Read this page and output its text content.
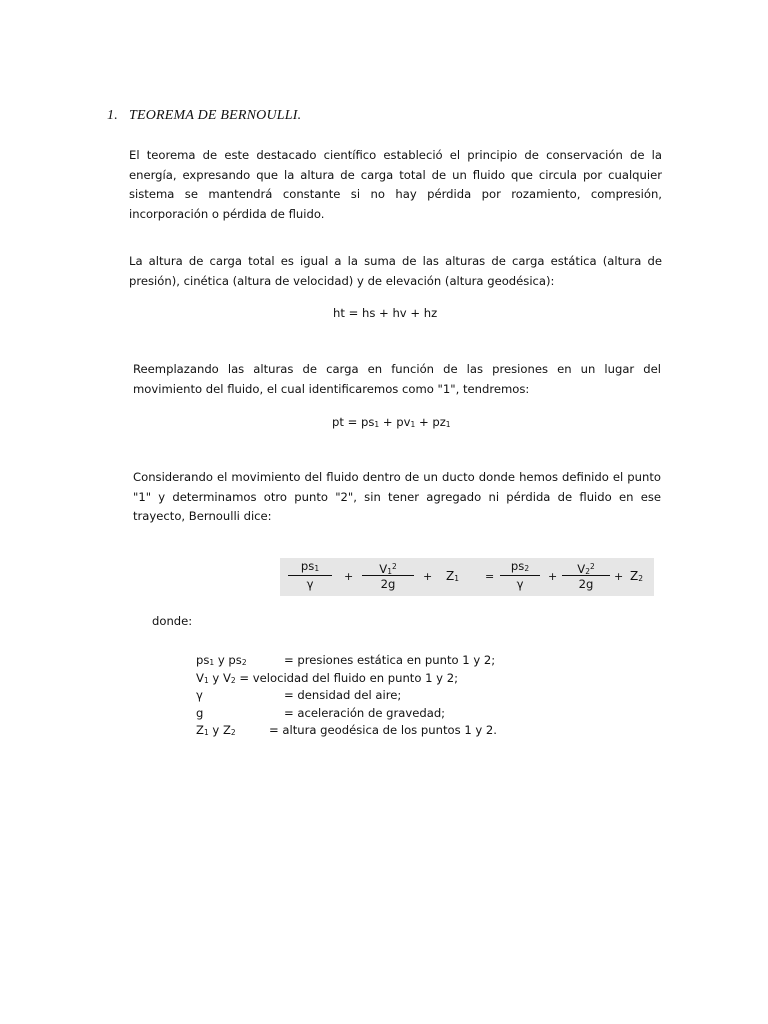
1. TEOREMA DE BERNOULLI.

El teorema de este destacado científico estableció el principio de conservación de la energía, expresando que la altura de carga total de un fluido que circula por cualquier sistema se mantendrá constante si no hay pérdida por rozamiento, compresión, incorporación o pérdida de fluido.

La altura de carga total es igual a la suma de las alturas de carga estática (altura de presión), cinética (altura de velocidad) y de elevación (altura geodésica):

ht = hs + hv + hz

Reemplazando las alturas de carga en función de las presiones en un lugar del movimiento del fluido, el cual identificaremos como "1", tendremos:

pt = $ps_1 + pv_1 + pz_1$

Considerando el movimiento del fluido dentro de un ducto donde hemos definido el punto "1" y determinamos otro punto "2", sin tener agregado ni pérdida de fluido en ese trayecto, Bernoulli dice:

$ps_1$
γ
+
$V_1^2$
2g
+ $Z_1$ =
$ps_2$
γ
+
$V_2^2$
2g
+ $Z_2$
donde:
$ps_1$ y $ps_2$	= presiones estática en punto 1 y 2;
$V_1$ y $V_2$ = velocidad del fluido en punto 1 y 2;
γ	= densidad del aire;
g	= aceleración de gravedad;
$Z_1$ y $Z_2$	= altura geodésica de los puntos 1 y 2.
